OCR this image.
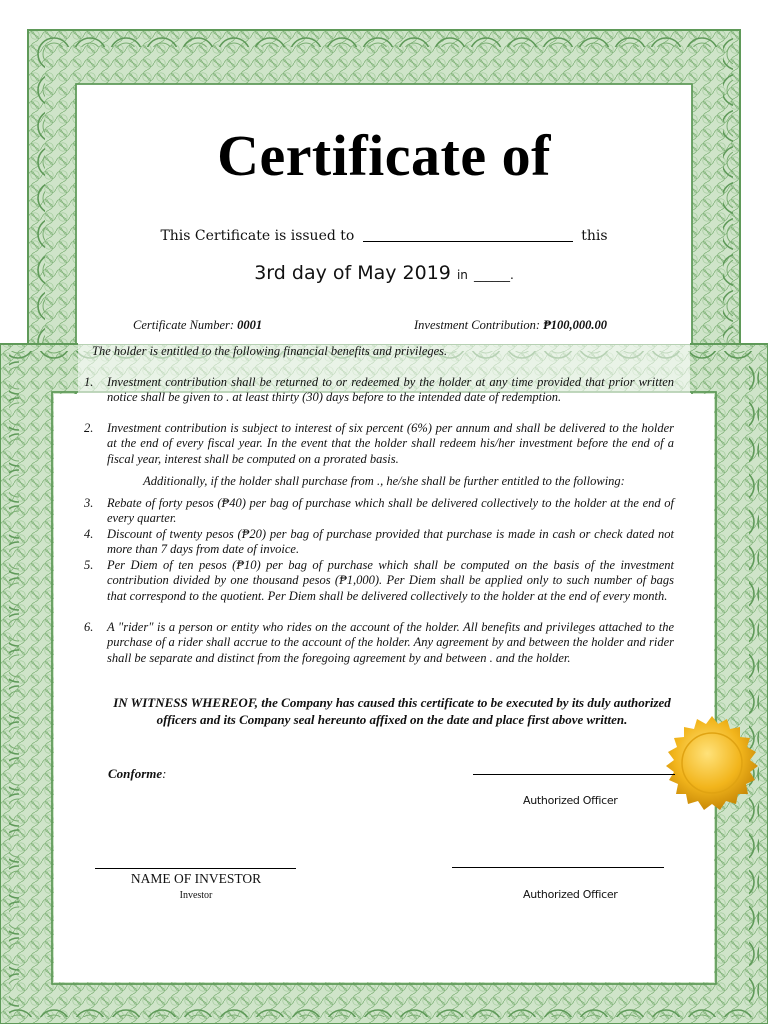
Certificate of
This Certificate is issued to	this
3rd day of May 2019 in ______.
Certificate Number: 0001	Investment Contribution: ₱100,000.00
The holder is entitled to the following financial benefits and privileges.
1. Investment contribution shall be returned to or redeemed by the holder at any time provided that prior written notice shall be given to . at least thirty (30) days before to the intended date of redemption.
2. Investment contribution is subject to interest of six percent (6%) per annum and shall be delivered to the holder at the end of every fiscal year. In the event that the holder shall redeem his/her investment before the end of a fiscal year, interest shall be computed on a prorated basis.
Additionally, if the holder shall purchase from ., he/she shall be further entitled to the following:
3. Rebate of forty pesos (₱40) per bag of purchase which shall be delivered collectively to the holder at the end of every quarter.
4. Discount of twenty pesos (₱20) per bag of purchase provided that purchase is made in cash or check dated not more than 7 days from date of invoice.
5. Per Diem of ten pesos (₱10) per bag of purchase which shall be computed on the basis of the investment contribution divided by one thousand pesos (₱1,000). Per Diem shall be applied only to such number of bags that correspond to the quotient. Per Diem shall be delivered collectively to the holder at the end of every month.
6. A "rider" is a person or entity who rides on the account of the holder. All benefits and privileges attached to the purchase of a rider shall accrue to the account of the holder. Any agreement by and between the holder and rider shall be separate and distinct from the foregoing agreement by and between . and the holder.
IN WITNESS WHEREOF, the Company has caused this certificate to be executed by its duly authorized officers and its Company seal hereunto affixed on the date and place first above written.
Conforme:
Authorized Officer
NAME OF INVESTOR
Investor	Authorized Officer
